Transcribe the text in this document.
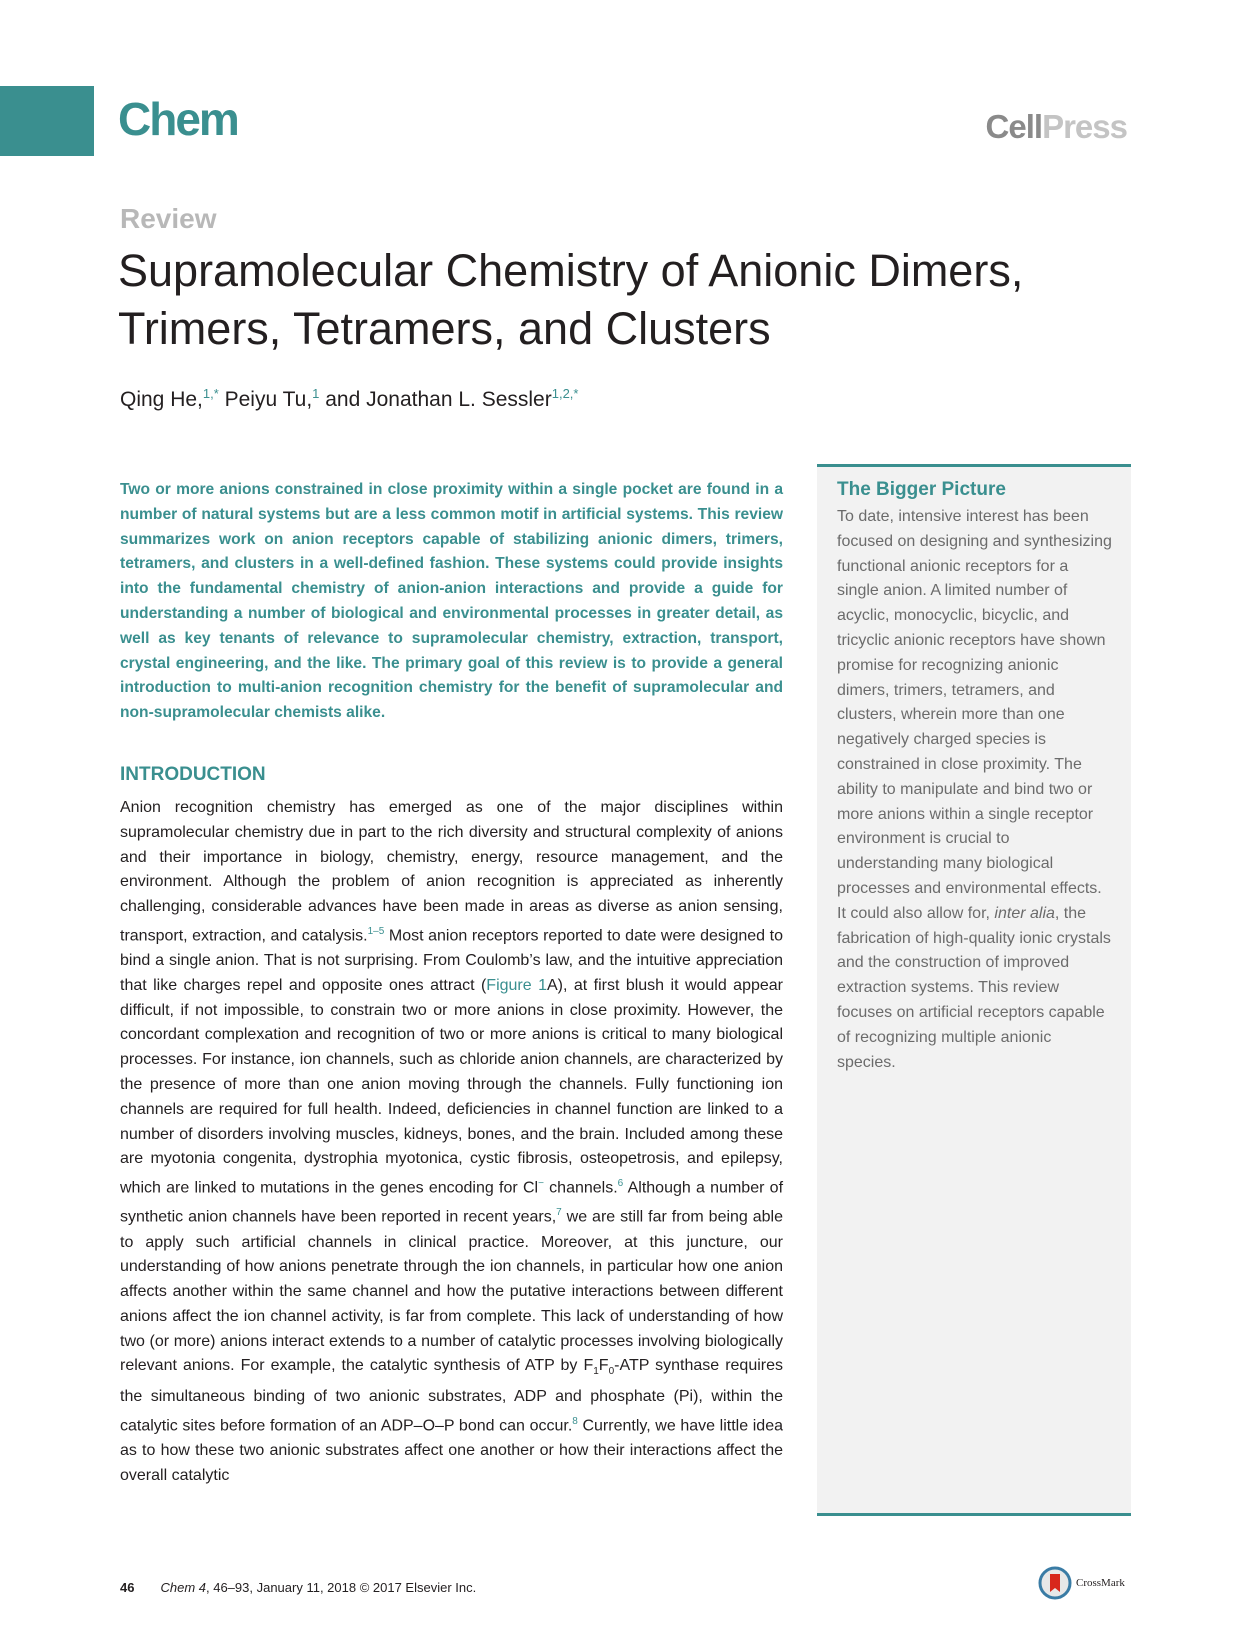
Chem	CellPress
Review
Supramolecular Chemistry of Anionic Dimers, Trimers, Tetramers, and Clusters
Qing He,$^{1,*}$ Peiyu Tu,$^1$ and Jonathan L. Sessler$^{1,2,*}$

Two or more anions constrained in close proximity within a single pocket are found in a number of natural systems but are a less common motif in artificial systems. This review summarizes work on anion receptors capable of stabilizing anionic dimers, trimers, tetramers, and clusters in a well-defined fashion. These systems could provide insights into the fundamental chemistry of anion-anion interactions and provide a guide for understanding a number of biological and environmental processes in greater detail, as well as key tenants of relevance to supramolecular chemistry, extraction, transport, crystal engineering, and the like. The primary goal of this review is to provide a general introduction to multi-anion recognition chemistry for the benefit of supramolecular and non-supramolecular chemists alike.

INTRODUCTION

Anion recognition chemistry has emerged as one of the major disciplines within supramolecular chemistry due in part to the rich diversity and structural complexity of anions and their importance in biology, chemistry, energy, resource management, and the environment. Although the problem of anion recognition is appreciated as inherently challenging, considerable advances have been made in areas as diverse as anion sensing, transport, extraction, and catalysis.$^{1-5}$ Most anion receptors reported to date were designed to bind a single anion. That is not surprising. From Coulomb’s law, and the intuitive appreciation that like charges repel and opposite ones attract (Figure 1A), at first blush it would appear difficult, if not impossible, to constrain two or more anions in close proximity. However, the concordant complexation and recognition of two or more anions is critical to many biological processes. For instance, ion channels, such as chloride anion channels, are characterized by the presence of more than one anion moving through the channels. Fully functioning ion channels are required for full health. Indeed, deficiencies in channel function are linked to a number of disorders involving muscles, kidneys, bones, and the brain. Included among these are myotonia congenita, dystrophia myotonica, cystic fibrosis, osteopetrosis, and epilepsy, which are linked to mutations in the genes encoding for Cl− channels.$^6$ Although a number of synthetic anion channels have been reported in recent years,$^7$ we are still far from being able to apply such artificial channels in clinical practice. Moreover, at this juncture, our understanding of how anions penetrate through the ion channels, in particular how one anion affects another within the same channel and how the putative interactions between different anions affect the ion channel activity, is far from complete. This lack of understanding of how two (or more) anions interact extends to a number of catalytic processes involving biologically relevant anions. For example, the catalytic synthesis of ATP by $F_1F_0$-ATP synthase requires the simultaneous binding of two anionic substrates, ADP and phosphate (Pi), within the catalytic sites before formation of an ADP–O–P bond can occur.$^8$ Currently, we have little idea as to how these two anionic substrates affect one another or how their interactions affect the overall catalytic

The Bigger Picture
To date, intensive interest has been focused on designing and synthesizing functional anionic receptors for a single anion. A limited number of acyclic, monocyclic, bicyclic, and tricyclic anionic receptors have shown promise for recognizing anionic dimers, trimers, tetramers, and clusters, wherein more than one negatively charged species is constrained in close proximity. The ability to manipulate and bind two or more anions within a single receptor environment is crucial to understanding many biological processes and environmental effects. It could also allow for, inter alia, the fabrication of high-quality ionic crystals and the construction of improved extraction systems. This review focuses on artificial receptors capable of recognizing multiple anionic species.
46 Chem 4, 46–93, January 11, 2018 © 2017 Elsevier Inc.	CrossMark
